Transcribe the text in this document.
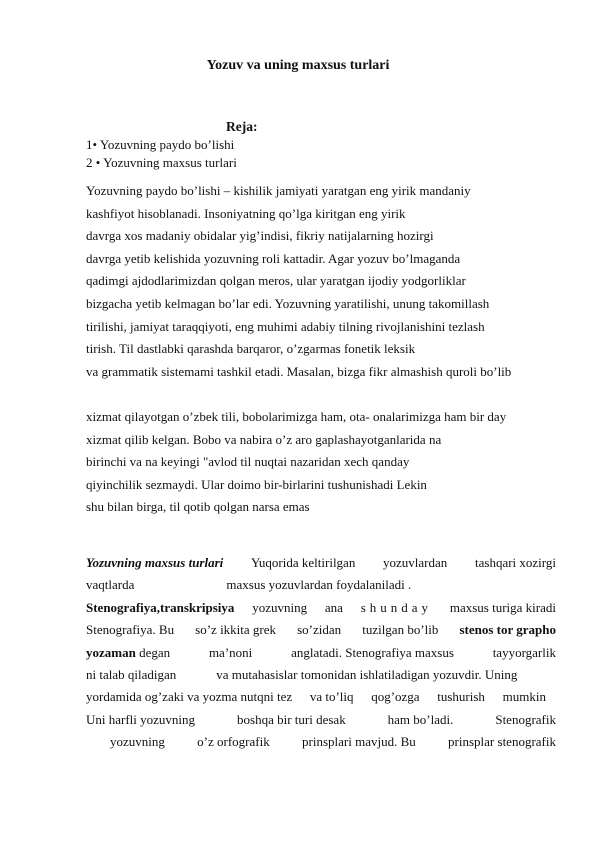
Yozuv va uning maxsus turlari
Reja:
1• Yozuvning paydo bo’lishi
2 • Yozuvning maxsus turlari
Yozuvning paydo bo’lishi – kishilik jamiyati yaratgan eng yirik mandaniy
kashfiyot hisoblanadi. Insoniyatning qo’lga kiritgan eng yirik
davrga xos madaniy obidalar yig’indisi, fikriy natijalarning hozirgi
davrga yetib kelishida yozuvning roli kattadir. Agar yozuv bo’lmaganda
qadimgi ajdodlarimizdan qolgan meros, ular yaratgan ijodiy yodgorliklar
bizgacha yetib kelmagan bo’lar edi. Yozuvning yaratilishi, unung takomillash
tirilishi, jamiyat taraqqiyoti, eng muhimi adabiy tilning rivojlanishini tezlash
tirish. Til dastlabki qarashda barqaror, o’zgarmas fonetik leksik
va grammatik sistemami tashkil etadi. Masalan, bizga fikr almashish quroli bo’lib
xizmat qilayotgan o’zbek tili, bobolarimizga ham, ota- onalarimizga ham bir day
xizmat qilib kelgan. Bobo va nabira o’z aro gaplashayotganlarida na
birinchi va na keyingi "avlod til nuqtai nazaridan xech qanday
qiyinchilik sezmaydi. Ular doimo bir-birlarini tushunishadi Lekin
shu bilan birga, til qotib qolgan narsa emas
Yozuvning maxsus turlari Yuqorida keltirilgan yozuvlardan tashqari xozirgi
vaqtlarda	maxsus yozuvlardan foydalaniladi .
Stenografiya,transkripsiya yozuvning ana shunday maxsus turiga kiradi
Stenografiya. Bu so’z ikkita grek so’zidan tuzilgan bo’lib stenos tor grapho
yozaman degan	ma’noni	anglatadi. Stenografiya maxsus	tayyorgarlik
ni talab qiladigan	va mutahasislar tomonidan ishlatiladigan yozuvdir. Uning
yordamida og’zaki va yozma nutqni tez va to’liq qog’ozga tushurish mumkin
Uni harfli yozuvning	boshqa bir turi desak	ham bo’ladi.	Stenografik
yozuvning o’z orfografik prinsplari mavjud. Bu prinsplar stenografik
